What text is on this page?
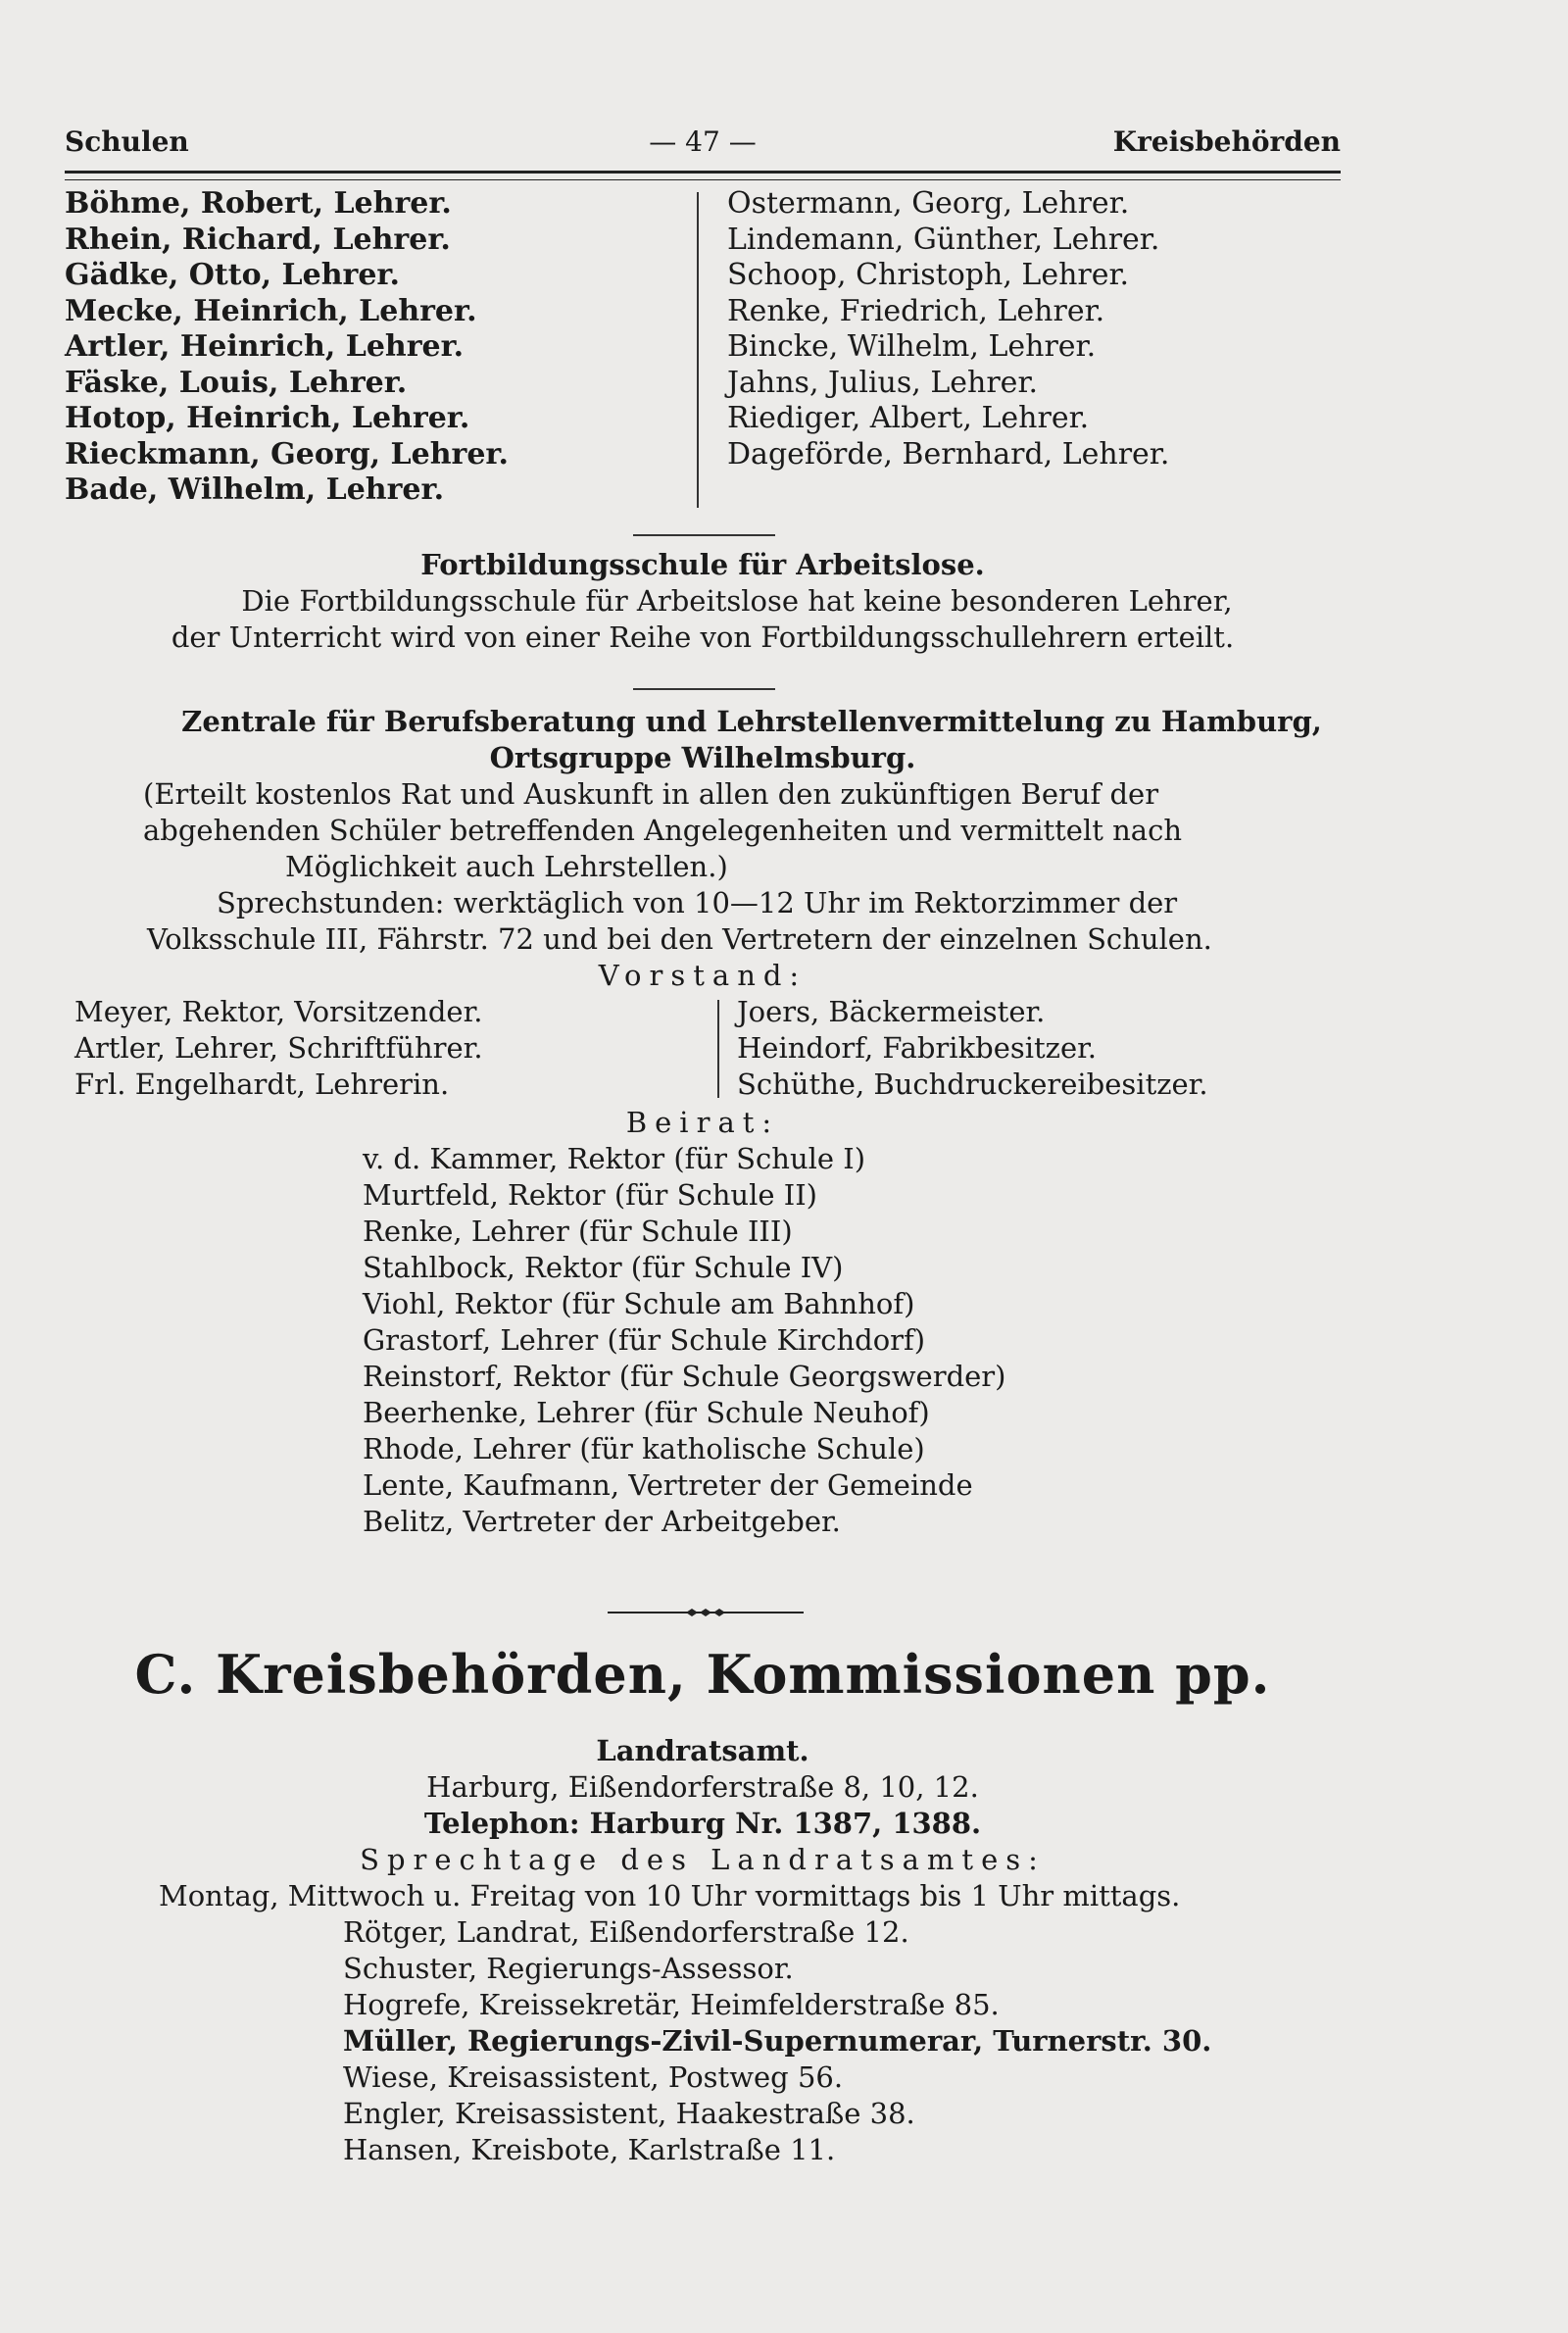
Schulen	— 47 —	Kreisbehörden
Böhme, Robert, Lehrer.
Rhein, Richard, Lehrer.
Gädke, Otto, Lehrer.
Mecke, Heinrich, Lehrer.
Artler, Heinrich, Lehrer.
Fäske, Louis, Lehrer.
Hotop, Heinrich, Lehrer.
Rieckmann, Georg, Lehrer.
Bade, Wilhelm, Lehrer.
Ostermann, Georg, Lehrer.
Lindemann, Günther, Lehrer.
Schoop, Christoph, Lehrer.
Renke, Friedrich, Lehrer.
Bincke, Wilhelm, Lehrer.
Jahns, Julius, Lehrer.
Riediger, Albert, Lehrer.
Dageförde, Bernhard, Lehrer.
Fortbildungsschule für Arbeitslose.
Die Fortbildungsschule für Arbeitslose hat keine besonderen Lehrer,
der Unterricht wird von einer Reihe von Fortbildungsschullehrern erteilt.
Zentrale für Berufsberatung und Lehrstellenvermittelung zu Hamburg,
Ortsgruppe Wilhelmsburg.
(Erteilt kostenlos Rat und Auskunft in allen den zukünftigen Beruf der
abgehenden Schüler betreffenden Angelegenheiten und vermittelt nach
Möglichkeit auch Lehrstellen.)
Sprechstunden: werktäglich von 10—12 Uhr im Rektorzimmer der
Volksschule III, Fährstr. 72 und bei den Vertretern der einzelnen Schulen.
Vorstand:
Meyer, Rektor, Vorsitzender.
Artler, Lehrer, Schriftführer.
Frl. Engelhardt, Lehrerin.
Joers, Bäckermeister.
Heindorf, Fabrikbesitzer.
Schüthe, Buchdruckereibesitzer.
Beirat:
v. d. Kammer, Rektor (für Schule I)
Murtfeld, Rektor (für Schule II)
Renke, Lehrer (für Schule III)
Stahlbock, Rektor (für Schule IV)
Viohl, Rektor (für Schule am Bahnhof)
Grastorf, Lehrer (für Schule Kirchdorf)
Reinstorf, Rektor (für Schule Georgswerder)
Beerhenke, Lehrer (für Schule Neuhof)
Rhode, Lehrer (für katholische Schule)
Lente, Kaufmann, Vertreter der Gemeinde
Belitz, Vertreter der Arbeitgeber.
C. Kreisbehörden, Kommissionen pp.
Landratsamt.
Harburg, Eißendorferstraße 8, 10, 12.
Telephon: Harburg Nr. 1387, 1388.
Sprechtage des Landratsamtes:
Montag, Mittwoch u. Freitag von 10 Uhr vormittags bis 1 Uhr mittags.
Rötger, Landrat, Eißendorferstraße 12.
Schuster, Regierungs-Assessor.
Hogrefe, Kreissekretär, Heimfelderstraße 85.
Müller, Regierungs-Zivil-Supernumerar, Turnerstr. 30.
Wiese, Kreisassistent, Postweg 56.
Engler, Kreisassistent, Haakestraße 38.
Hansen, Kreisbote, Karlstraße 11.
